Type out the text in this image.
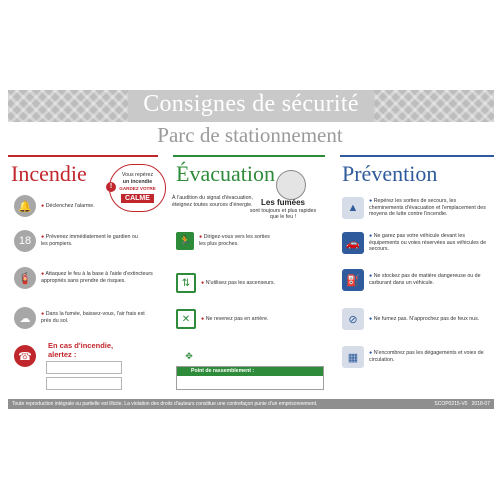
Consignes de sécurité
Parc de stationnement
Incendie
!
Vous repérez
un incendie
GARDEZ VOTRE
CALME
🔔	● Déclenchez l'alarme.
18	● Prévenez immédiatement le gardien ou les pompiers.
🧯	● Attaquez le feu à la base à l'aide d'extincteurs appropriés sans prendre de risques.
☁	● Dans la fumée, baissez-vous, l'air frais est près du sol.
☎
En cas d'incendie,
alertez :
Évacuation
À l'audition du signal d'évacuation, éteignez toutes sources d'énergie.	Les fumées
sont toujours et plus rapides que le feu !
🏃	● Dirigez-vous vers les sorties les plus proches.
⇅	● N'utilisez pas les ascenseurs.
✕	● Ne revenez pas en arrière.
✥
Point de rassemblement :
Prévention
▲
● Repérez les sorties de secours, les cheminements d'évacuation et l'emplacement des moyens de lutte contre l'incendie.
🚗
● Ne garez pas votre véhicule devant les équipements ou voies réservées aux véhicules de secours.
⛽	● Ne stockez pas de matière dangereuse ou de carburant dans un véhicule.
⊘	● Ne fumez pas. N'approchez pas de feux nus.
▦	● N'encombrez pas les dégagements et voies de circulation.
Toute reproduction intégrale ou partielle est illicite. La violation des droits d'auteurs constitue une contrefaçon punie d'un emprisonnement.	SCOP0215-V0 2018-07
